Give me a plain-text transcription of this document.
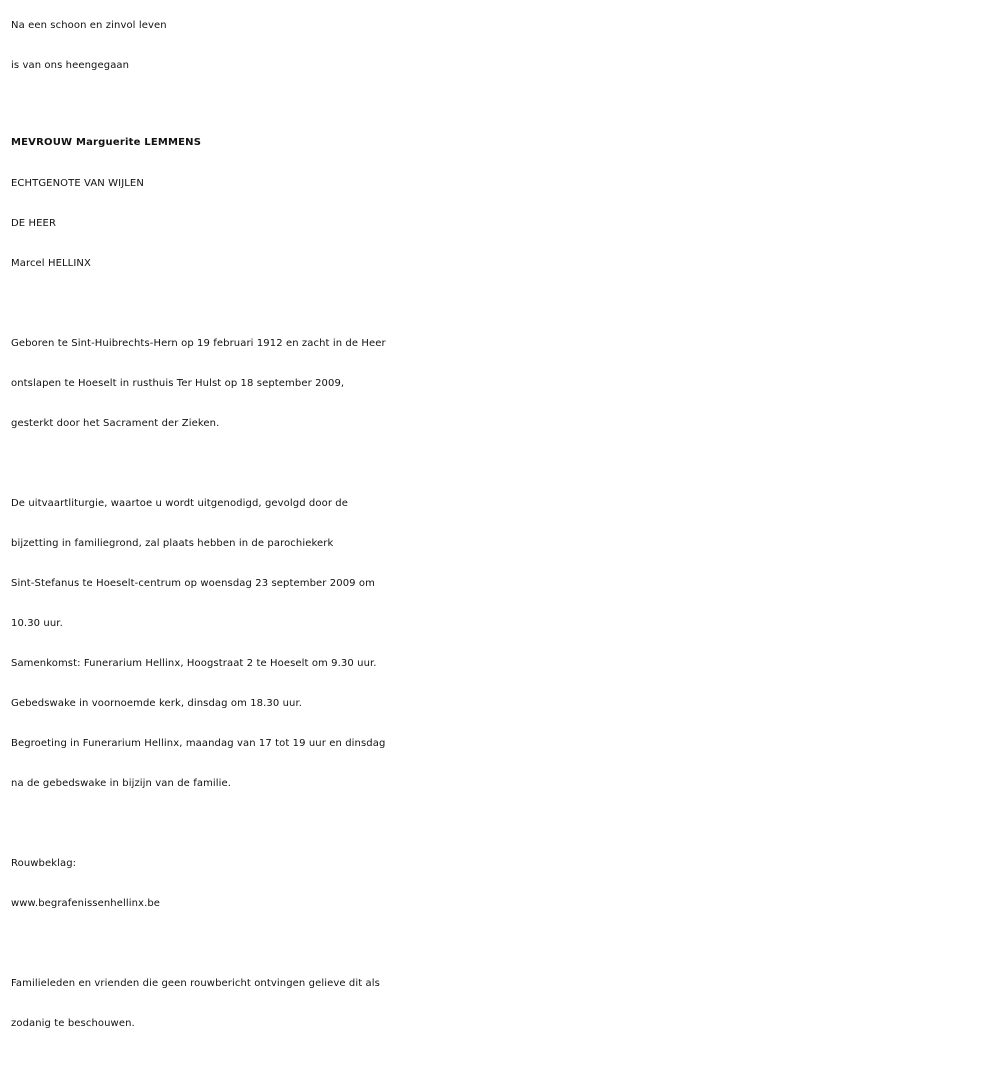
Na een schoon en zinvol leven
is van ons heengegaan
MEVROUW Marguerite LEMMENS
ECHTGENOTE VAN WIJLEN
DE HEER
Marcel HELLINX
Geboren te Sint-Huibrechts-Hern op 19 februari 1912 en zacht in de Heer
ontslapen te Hoeselt in rusthuis Ter Hulst op 18 september 2009,
gesterkt door het Sacrament der Zieken.
De uitvaartliturgie, waartoe u wordt uitgenodigd, gevolgd door de
bijzetting in familiegrond, zal plaats hebben in de parochiekerk
Sint-Stefanus te Hoeselt-centrum op woensdag 23 september 2009 om
10.30 uur.
Samenkomst: Funerarium Hellinx, Hoogstraat 2 te Hoeselt om 9.30 uur.
Gebedswake in voornoemde kerk, dinsdag om 18.30 uur.
Begroeting in Funerarium Hellinx, maandag van 17 tot 19 uur en dinsdag
na de gebedswake in bijzijn van de familie.
Rouwbeklag:
www.begrafenissenhellinx.be
Familieleden en vrienden die geen rouwbericht ontvingen gelieve dit als
zodanig te beschouwen.
